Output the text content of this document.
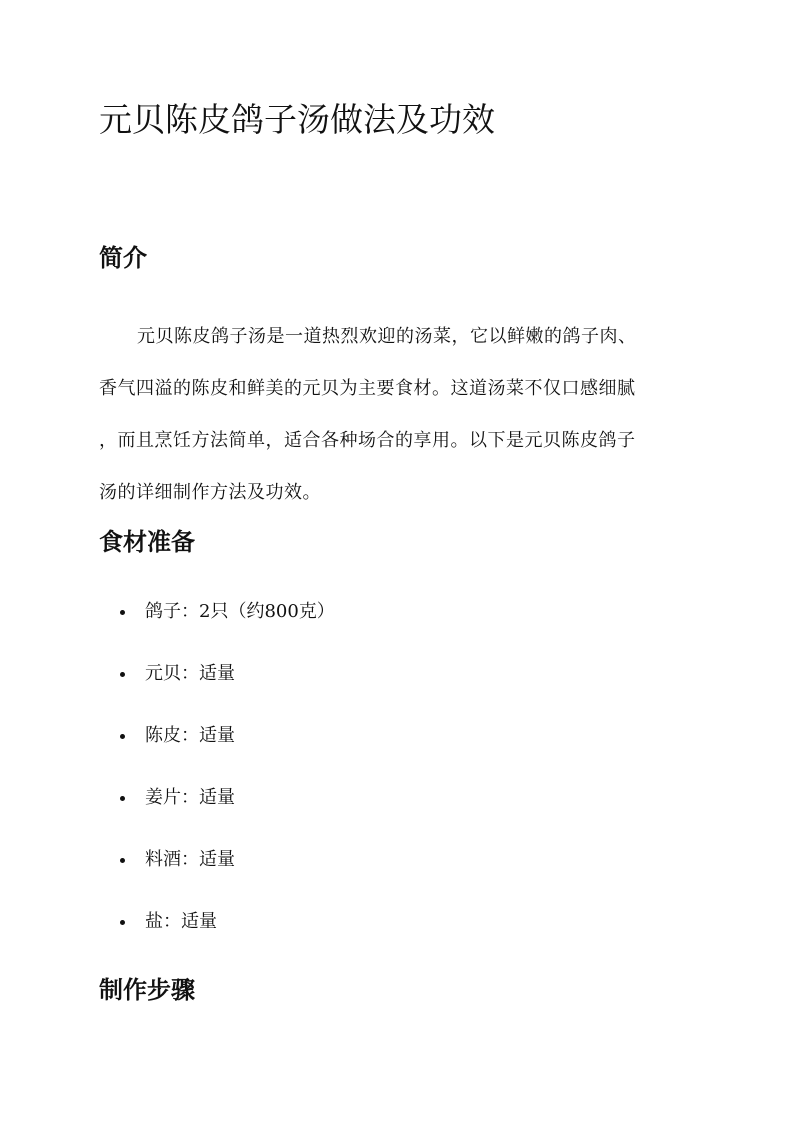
元贝陈皮鸽子汤做法及功效
简介

元贝陈皮鸽子汤是一道热烈欢迎的汤菜，它以鲜嫩的鸽子肉、
香气四溢的陈皮和鲜美的元贝为主要食材。这道汤菜不仅口感细腻
，而且烹饪方法简单，适合各种场合的享用。以下是元贝陈皮鸽子
汤的详细制作方法及功效。

食材准备
鸽子：2只（约800克）
元贝：适量
陈皮：适量
姜片：适量
料酒：适量
盐：适量
制作步骤
